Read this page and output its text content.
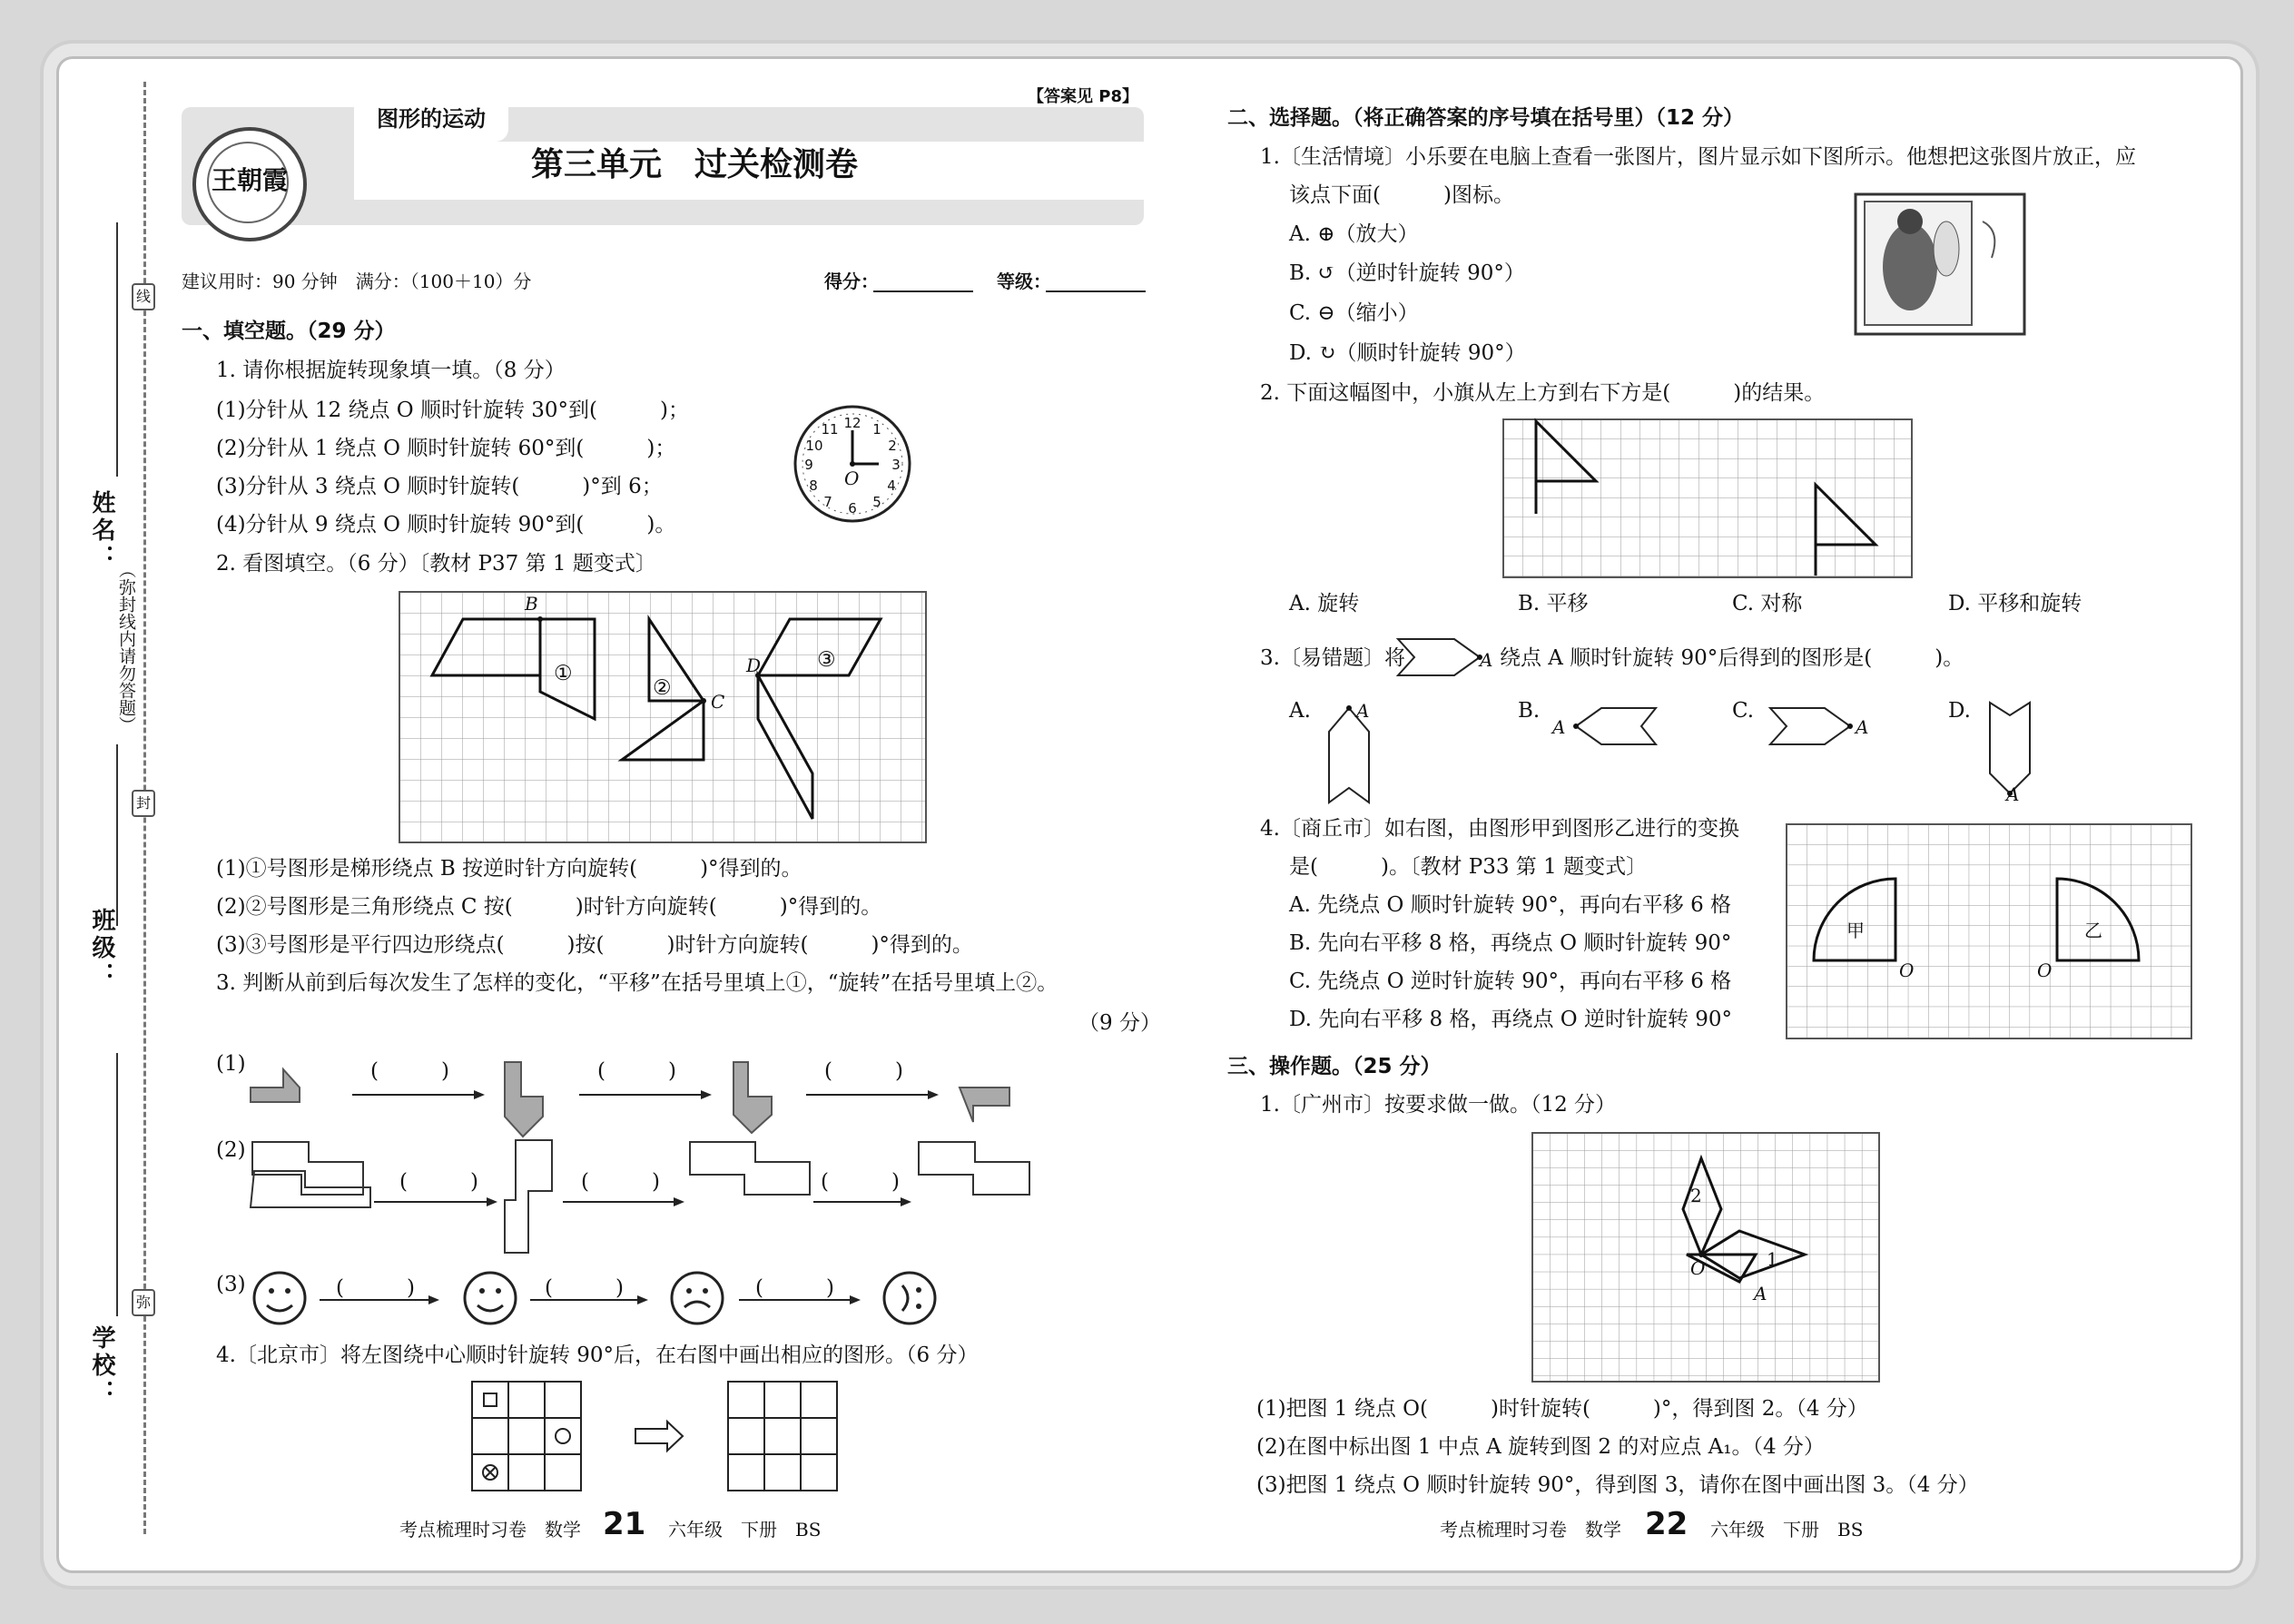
姓名：
班级：
学校：
线
封
弥
（弥封线内请勿答题）
王朝霞
图形的运动
【答案见 P8】
第三单元　过关检测卷
建议用时：90 分钟　满分：（100＋10）分	得分：	等级：
一、填空题。（29 分）
1. 请你根据旋转现象填一填。（8 分）
(1)分针从 12 绕点 O 顺时针旋转 30°到(　　　)；
(2)分针从 1 绕点 O 顺时针旋转 60°到(　　　)；
(3)分针从 3 绕点 O 顺时针旋转(　　　)°到 6；
(4)分针从 9 绕点 O 顺时针旋转 90°到(　　　)。
12 1
2
3
4
5
6
7
8
9
10
11
O
2. 看图填空。（6 分）〔教材 P37 第 1 题变式〕
B
C
D
①
②
③
(1)①号图形是梯形绕点 B 按逆时针方向旋转(　　　)°得到的。
(2)②号图形是三角形绕点 C 按(　　　)时针方向旋转(　　　)°得到的。
(3)③号图形是平行四边形绕点(　　　)按(　　　)时针方向旋转(　　　)°得到的。
3. 判断从前到后每次发生了怎样的变化，“平移”在括号里填上①，“旋转”在括号里填上②。
（9 分）
(1)	(　　　)	(　　　)	(　　　)
(2)
(　　　)	(　　　)	(　　　)
(3)	(　　　)	(　　　)	(　　　)
4.〔北京市〕将左图绕中心顺时针旋转 90°后，在右图中画出相应的图形。（6 分）
考点梳理时习卷　数学 21 六年级　下册　BS
二、选择题。（将正确答案的序号填在括号里）（12 分）
1.〔生活情境〕小乐要在电脑上查看一张图片，图片显示如下图所示。他想把这张图片放正，应
该点下面(　　　)图标。
A. ⊕（放大）
B. ↺（逆时针旋转 90°）
C. ⊖（缩小）
D. ↻（顺时针旋转 90°）
2. 下面这幅图中，小旗从左上方到右下方是(　　　)的结果。
A. 旋转	B. 平移	C. 对称	D. 平移和旋转
3.〔易错题〕将	A 绕点 A 顺时针旋转 90°后得到的图形是(　　　)。
A.	A	B.
A
C.
A
D.
A
4.〔商丘市〕如右图，由图形甲到图形乙进行的变换
是(　　　)。〔教材 P33 第 1 题变式〕
A. 先绕点 O 顺时针旋转 90°，再向右平移 6 格
B. 先向右平移 8 格，再绕点 O 顺时针旋转 90°
C. 先绕点 O 逆时针旋转 90°，再向右平移 6 格
D. 先向右平移 8 格，再绕点 O 逆时针旋转 90°
甲	乙
O	O
三、操作题。（25 分）
1.〔广州市〕按要求做一做。（12 分）
2
1
O
A
(1)把图 1 绕点 O(　　　)时针旋转(　　　)°，得到图 2。（4 分）
(2)在图中标出图 1 中点 A 旋转到图 2 的对应点 A₁。（4 分）
(3)把图 1 绕点 O 顺时针旋转 90°，得到图 3，请你在图中画出图 3。（4 分）
考点梳理时习卷　数学 22 六年级　下册　BS
